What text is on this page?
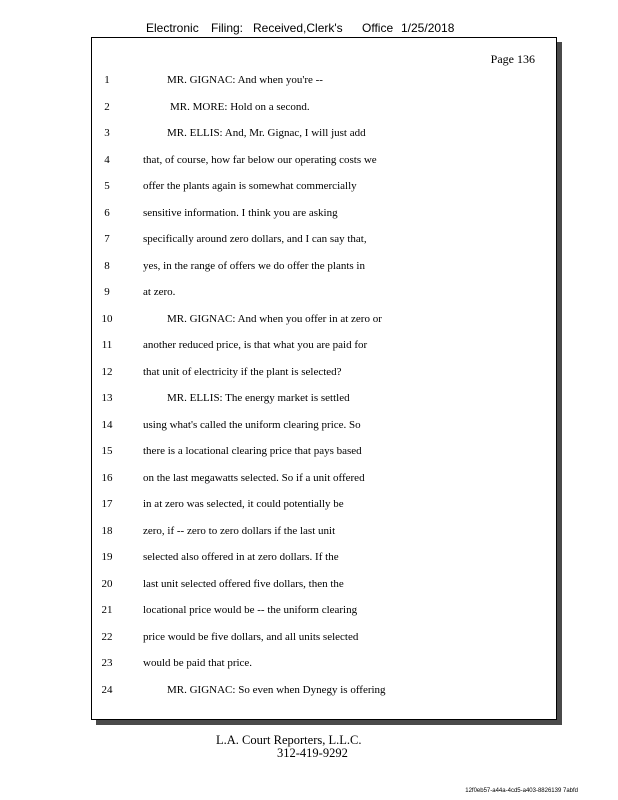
Electronic Filing: Received,Clerk's Office 1/25/2018
Page 136
1	MR. GIGNAC: And when you're --
2	MR. MORE: Hold on a second.
3	MR. ELLIS: And, Mr. Gignac, I will just add
4	that, of course, how far below our operating costs we
5	offer the plants again is somewhat commercially
6	sensitive information. I think you are asking
7	specifically around zero dollars, and I can say that,
8	yes, in the range of offers we do offer the plants in
9	at zero.
10	MR. GIGNAC: And when you offer in at zero or
11	another reduced price, is that what you are paid for
12	that unit of electricity if the plant is selected?
13	MR. ELLIS: The energy market is settled
14	using what's called the uniform clearing price. So
15	there is a locational clearing price that pays based
16	on the last megawatts selected. So if a unit offered
17	in at zero was selected, it could potentially be
18	zero, if -- zero to zero dollars if the last unit
19	selected also offered in at zero dollars. If the
20	last unit selected offered five dollars, then the
21	locational price would be -- the uniform clearing
22	price would be five dollars, and all units selected
23	would be paid that price.
24	MR. GIGNAC: So even when Dynegy is offering
L.A. Court Reporters, L.L.C.
312-419-9292
12f0eb57-a44a-4cd5-a403-8826139 7abfd
